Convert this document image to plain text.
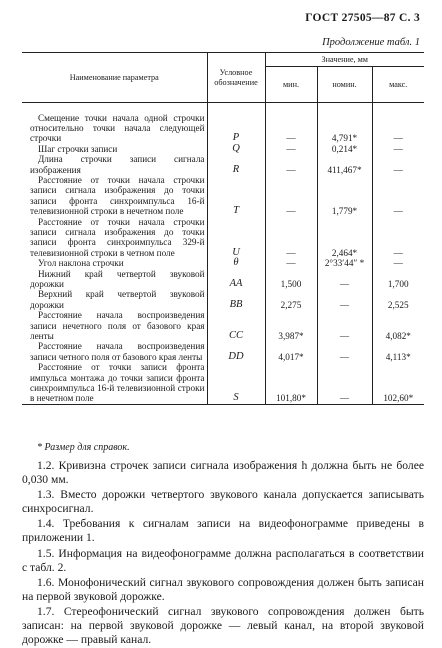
ГОСТ 27505—87 С. 3
Продолжение табл. 1
Наименование параметра	Условное обозначение	Значение, мм		
		мин.	номин.	макс.

Смещение точки начала одной строчки относительно точки начала следующей строчки	P	—	4,791*	—
Шаг строчки записи	Q	—	0,214*	—
Длина строчки записи сигнала изображения	R	—	411,467*	—
Расстояние от точки начала строчки записи сигнала изображения до точки записи фронта синхроимпульса 16-й телевизионной строки в нечетном поле	T	—	1,779*	—
Расстояние от точки начала строчки записи сигнала изображения до точки записи фронта синхроимпульса 329-й телевизионной строки в четном поле	U	—	2,464*	—
Угол наклона строчки	θ	—	2°33′44″ *	—
Нижний край четвертой звуковой дорожки	AA	1,500	—	1,700
Верхний край четвертой звуковой дорожки	BB	2,275	—	2,525
Расстояние начала воспроизведения записи нечетного поля от базового края ленты	CC	3,987*	—	4,082*
Расстояние начала воспроизведения записи четного поля от базового края ленты	DD	4,017*	—	4,113*
Расстояние от точки записи фронта импульса монтажа до точки записи фронта синхроимпульса 16-й телевизионной строки в нечетном поле	S	101,80*	—	102,60*
* Размер для справок.

1.2. Кривизна строчек записи сигнала изображения h должна быть не более 0,030 мм.

1.3. Вместо дорожки четвертого звукового канала допускается записывать синхросигнал.

1.4. Требования к сигналам записи на видеофонограмме приведены в приложении 1.

1.5. Информация на видеофонограмме должна располагаться в соответствии с табл. 2.

1.6. Монофонический сигнал звукового сопровождения должен быть записан на первой звуковой дорожке.

1.7. Стереофонический сигнал звукового сопровождения должен быть записан: на первой звуковой дорожке — левый канал, на второй звуковой дорожке — правый канал.
